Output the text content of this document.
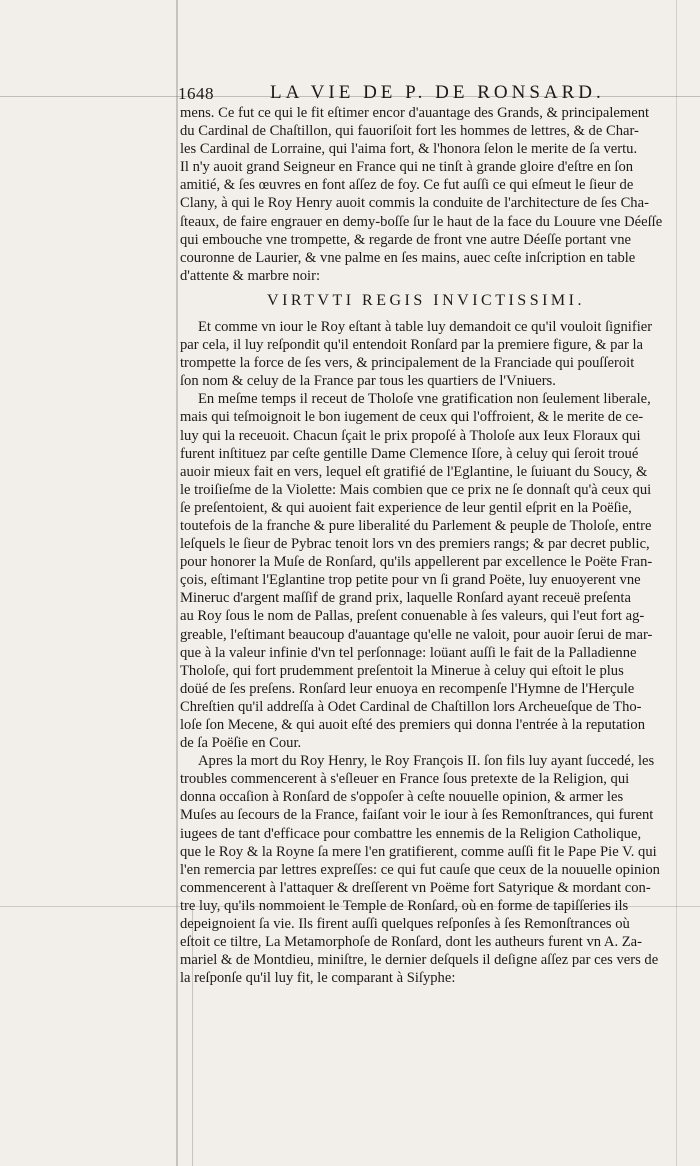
1648	LA VIE DE P. DE RONSARD.

mens. Ce fut ce qui le fit eſtimer encor d'auantage des Grands, & principalement
du Cardinal de Chaſtillon, qui fauoriſoit fort les hommes de lettres, & de Char-
les Cardinal de Lorraine, qui l'aima fort, & l'honora ſelon le merite de ſa vertu.
Il n'y auoit grand Seigneur en France qui ne tinſt à grande gloire d'eſtre en ſon
amitié, & ſes œuvres en font aſſez de foy. Ce fut auſſi ce qui eſmeut le ſieur de
Clany, à qui le Roy Henry auoit commis la conduite de l'architecture de ſes Cha-
ſteaux, de faire engrauer en demy-boſſe ſur le haut de la face du Louure vne Déeſſe
qui embouche vne trompette, & regarde de front vne autre Déeſſe portant vne
couronne de Laurier, & vne palme en ſes mains, auec ceſte inſcription en table
d'attente & marbre noir:

VIRTVTI REGIS INVICTISSIMI.

Et comme vn iour le Roy eſtant à table luy demandoit ce qu'il vouloit ſignifier
par cela, il luy reſpondit qu'il entendoit Ronſard par la premiere figure, & par la
trompette la force de ſes vers, & principalement de la Franciade qui pouſſeroit
ſon nom & celuy de la France par tous les quartiers de l'Vniuers.

En meſme temps il receut de Tholoſe vne gratification non ſeulement liberale,
mais qui teſmoignoit le bon iugement de ceux qui l'offroient, & le merite de ce-
luy qui la receuoit. Chacun ſçait le prix propoſé à Tholoſe aux Ieux Floraux qui
furent inſtituez par ceſte gentille Dame Clemence Iſore, à celuy qui ſeroit troué
auoir mieux fait en vers, lequel eſt gratifié de l'Eglantine, le ſuiuant du Soucy, &
le troiſieſme de la Violette: Mais combien que ce prix ne ſe donnaſt qu'à ceux qui
ſe preſentoient, & qui auoient fait experience de leur gentil eſprit en la Poëſie,
toutefois de la franche & pure liberalité du Parlement & peuple de Tholoſe, entre
leſquels le ſieur de Pybrac tenoit lors vn des premiers rangs; & par decret public,
pour honorer la Muſe de Ronſard, qu'ils appellerent par excellence le Poëte Fran-
çois, eſtimant l'Eglantine trop petite pour vn ſi grand Poëte, luy enuoyerent vne
Mineruc d'argent maſſif de grand prix, laquelle Ronſard ayant receuë preſenta
au Roy ſous le nom de Pallas, preſent conuenable à ſes valeurs, qui l'eut fort ag-
greable, l'eſtimant beaucoup d'auantage qu'elle ne valoit, pour auoir ſerui de mar-
que à la valeur infinie d'vn tel perſonnage: loüant auſſi le fait de la Palladienne
Tholoſe, qui fort prudemment preſentoit la Minerue à celuy qui eſtoit le plus
doüé de ſes preſens. Ronſard leur enuoya en recompenſe l'Hymne de l'Herçule
Chreſtien qu'il addreſſa à Odet Cardinal de Chaſtillon lors Archeueſque de Tho-
loſe ſon Mecene, & qui auoit eſté des premiers qui donna l'entrée à la reputation
de ſa Poëſie en Cour.

Apres la mort du Roy Henry, le Roy François II. ſon fils luy ayant ſuccedé, les
troubles commencerent à s'eſleuer en France ſous pretexte de la Religion, qui
donna occaſion à Ronſard de s'oppoſer à ceſte nouuelle opinion, & armer les
Muſes au ſecours de la France, faiſant voir le iour à ſes Remonſtrances, qui furent
iugees de tant d'efficace pour combattre les ennemis de la Religion Catholique,
que le Roy & la Royne ſa mere l'en gratifierent, comme auſſi fit le Pape Pie V. qui
l'en remercia par lettres expreſſes: ce qui fut cauſe que ceux de la nouuelle opinion
commencerent à l'attaquer & dreſſerent vn Poëme fort Satyrique & mordant con-
tre luy, qu'ils nommoient le Temple de Ronſard, où en forme de tapiſſeries ils
depeignoient ſa vie. Ils firent auſſi quelques reſponſes à ſes Remonſtrances où
eſtoit ce tiltre, La Metamorphoſe de Ronſard, dont les autheurs furent vn A. Za-
mariel & de Montdieu, miniſtre, le dernier deſquels il deſigne aſſez par ces vers de
la reſponſe qu'il luy fit, le comparant à Siſyphe:
